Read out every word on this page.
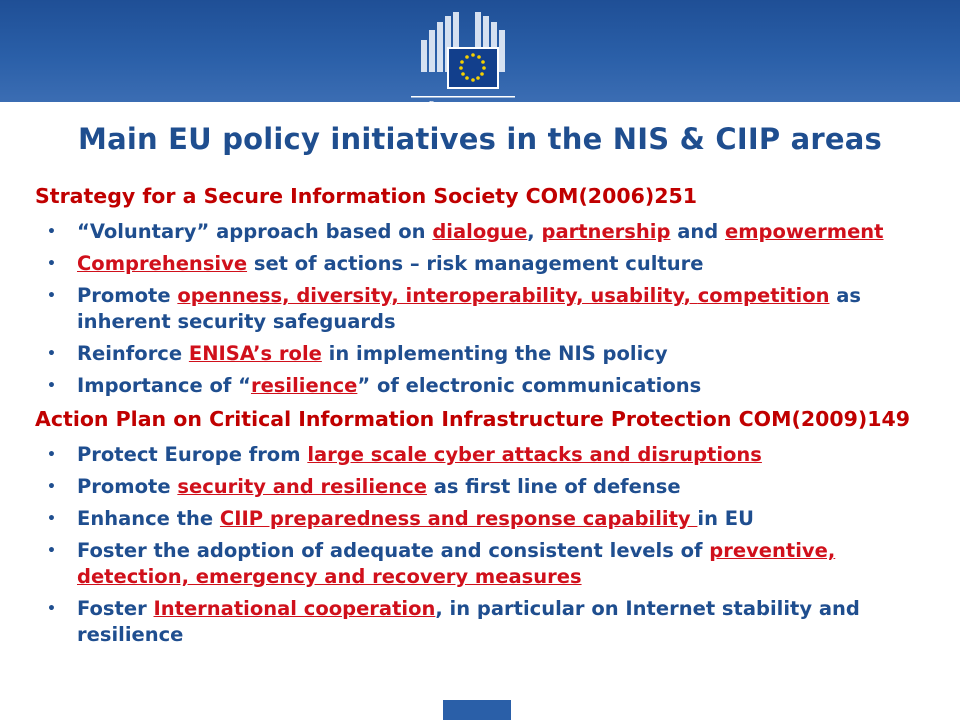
European
Commission
Main EU policy initiatives in the NIS & CIIP areas
Strategy for a Secure Information Society COM(2006)251
• “Voluntary” approach based on dialogue, partnership and empowerment
• Comprehensive set of actions – risk management culture
• Promote openness, diversity, interoperability, usability, competition as inherent security safeguards
• Reinforce ENISA’s role in implementing the NIS policy
• Importance of “resilience” of electronic communications
Action Plan on Critical Information Infrastructure Protection COM(2009)149
• Protect Europe from large scale cyber attacks and disruptions
• Promote security and resilience as first line of defense
• Enhance the CIIP preparedness and response capability in EU
• Foster the adoption of adequate and consistent levels of preventive, detection, emergency and recovery measures
• Foster International cooperation, in particular on Internet stability and resilience
